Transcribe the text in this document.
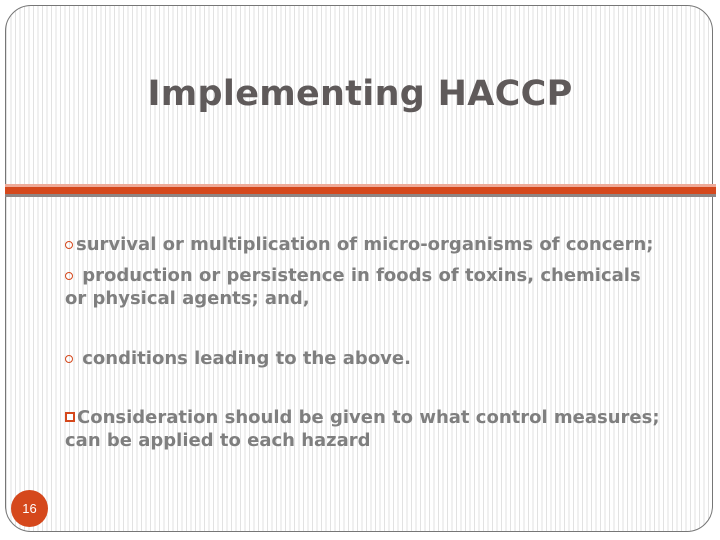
Implementing HACCP

survival or multiplication of micro-organisms of concern;

production or persistence in foods of toxins, chemicals or physical agents; and,

conditions leading to the above.

Consideration should be given to what control measures; can be applied to each hazard

16
